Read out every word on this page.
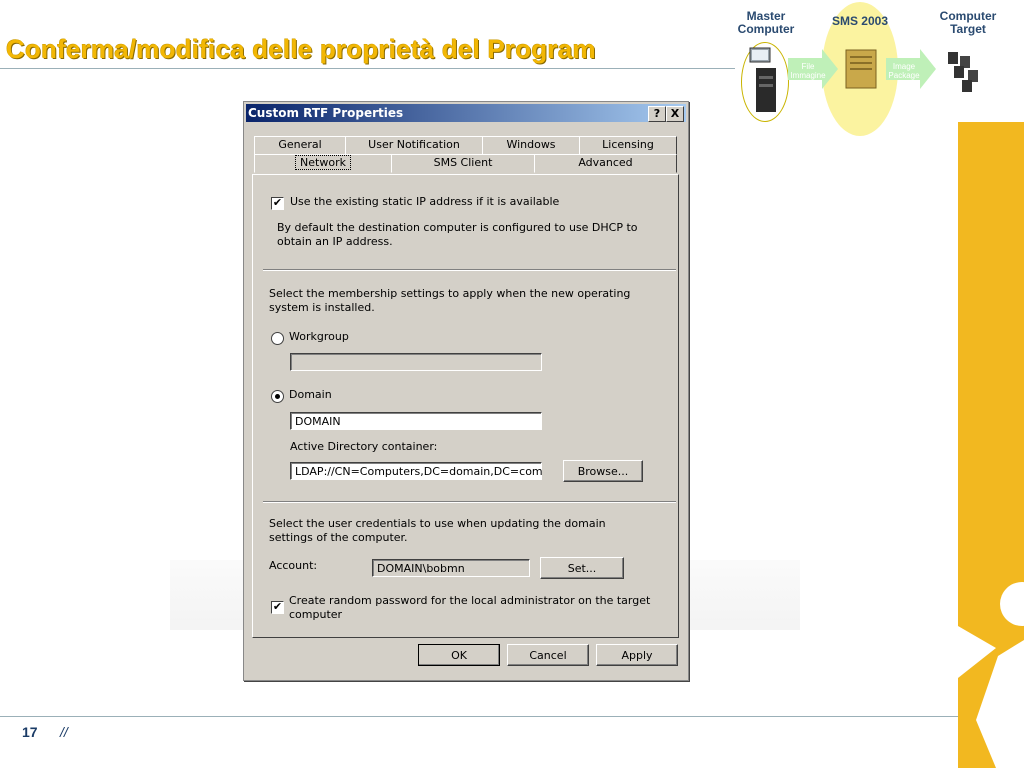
Conferma/modifica delle proprietà del Program
17 //
Master Computer
SMS 2003	Computer Target
File Immagine
Image Package
Custom RTF Properties	? X
General	User Notification	Windows	Licensing
Network	SMS Client	Advanced
✔ Use the existing static IP address if it is available
By default the destination computer is configured to use DHCP to obtain an IP address.
Select the membership settings to apply when the new operating system is installed.
Workgroup
Domain
DOMAIN
Active Directory container:
LDAP://CN=Computers,DC=domain,DC=com	Browse...
Select the user credentials to use when updating the domain settings of the computer.
Account:	DOMAIN\bobmn	Set...
✔ Create random password for the local administrator on the target computer
OK	Cancel	Apply
